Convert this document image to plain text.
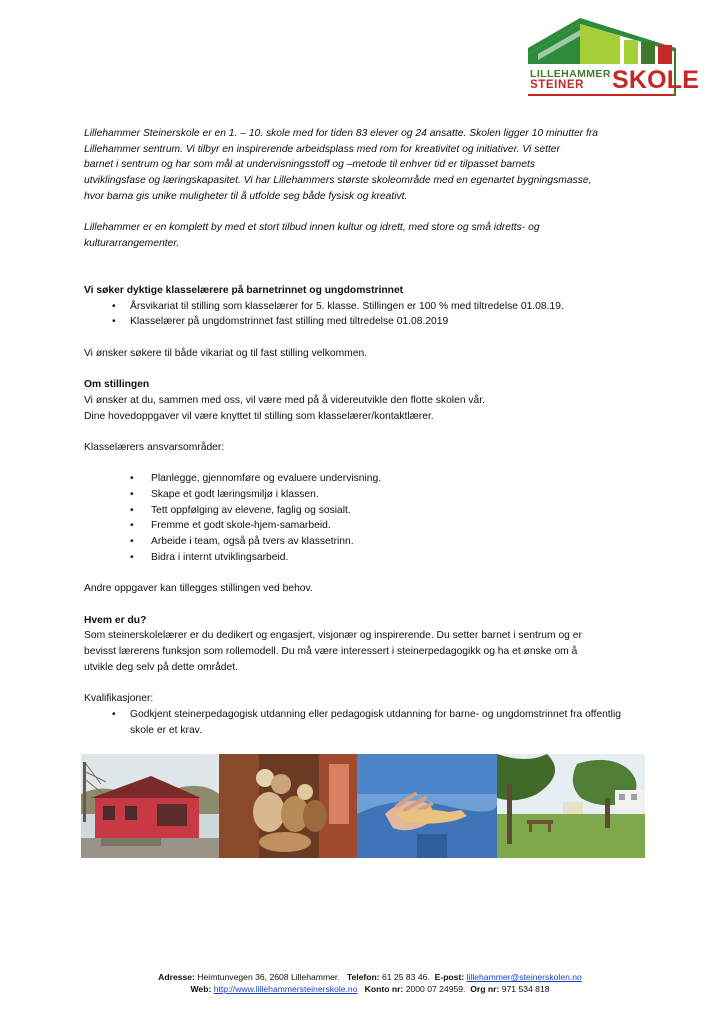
LILLEHAMMER
STEINER SKOLE
Lillehammer Steinerskole er en 1. – 10. skole med for tiden 83 elever og 24 ansatte. Skolen ligger 10 minutter fra
Lillehammer sentrum. Vi tilbyr en inspirerende arbeidsplass med rom for kreativitet og initiativer. Vi setter
barnet i sentrum og har som mål at undervisningsstoff og –metode til enhver tid er tilpasset barnets
utviklingsfase og læringskapasitet. Vi har Lillehammers største skoleområde med en egenartet bygningsmasse,
hvor barna gis unike muligheter til å utfolde seg både fysisk og kreativt.
Lillehammer er en komplett by med et stort tilbud innen kultur og idrett, med store og små idretts- og
kulturarrangementer.

Vi søker dyktige klasselærere på barnetrinnet og ungdomstrinnet

• Årsvikariat til stilling som klasselærer for 5. klasse. Stillingen er 100 % med tiltredelse 01.08.19.
• Klasselærer på ungdomstrinnet fast stilling med tiltredelse 01.08.2019

Vi ønsker søkere til både vikariat og til fast stilling velkommen.

Om stillingen

Vi ønsker at du, sammen med oss, vil være med på å videreutvikle den flotte skolen vår.

Dine hovedoppgaver vil være knyttet til stilling som klasselærer/kontaktlærer.

Klasselærers ansvarsområder:

• Planlegge, gjennomføre og evaluere undervisning.
• Skape et godt læringsmiljø i klassen.
• Tett oppfølging av elevene, faglig og sosialt.
• Fremme et godt skole-hjem-samarbeid.
• Arbeide i team, også på tvers av klassetrinn.
• Bidra i internt utviklingsarbeid.

Andre oppgaver kan tillegges stillingen ved behov.

Hvem er du?

Som steinerskolelærer er du dedikert og engasjert, visjonær og inspirerende. Du setter barnet i sentrum og er

bevisst lærerens funksjon som rollemodell. Du må være interessert i steinerpedagogikk og ha et ønske om å

utvikle deg selv på dette området.

Kvalifikasjoner:

• Godkjent steinerpedagogisk utdanning eller pedagogisk utdanning for barne- og ungdomstrinnet fra offentlig skole er et krav.
Adresse: Heimtunvegen 36, 2608 Lillehammer. Telefon: 61 25 83 46. E-post: lillehammer@steinerskolen.no
Web: http://www.lillehammersteinerskole.no Konto nr: 2000 07 24959. Org nr: 971 534 818
